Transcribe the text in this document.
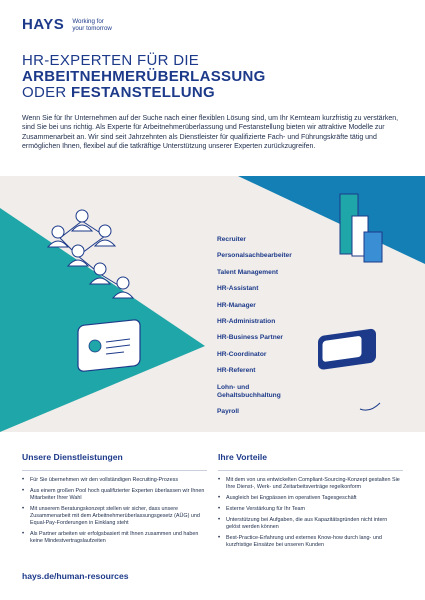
HAYS Working for
your tomorrow
HR-EXPERTEN FÜR DIE
ARBEITNEHMERÜBERLASSUNG
ODER FESTANSTELLUNG

Wenn Sie für Ihr Unternehmen auf der Suche nach einer flexiblen Lösung sind, um Ihr Kernteam kurzfristig zu verstärken, sind Sie bei uns richtig. Als Experte für Arbeitnehmerüberlassung und Festanstellung bieten wir attraktive Modelle zur Zusammenarbeit an. Wir sind seit Jahrzehnten als Dienstleister für qualifizierte Fach- und Führungskräfte tätig und ermöglichen Ihnen, flexibel auf die tatkräftige Unterstützung unserer Experten zurückzugreifen.

Recruiter
Personalsachbearbeiter
Talent Management
HR-Assistant
HR-Manager
HR-Administration
HR-Business Partner
HR-Coordinator
HR-Referent
Lohn- und Gehaltsbuchhaltung
Payroll
Unsere Dienstleistungen
• Für Sie übernehmen wir den vollständigen Recruiting-Prozess
• Aus einem großen Pool hoch qualifizierter Experten überlassen wir Ihnen Mitarbeiter Ihrer Wahl
• Mit unserem Beratungskonzept stellen wir sicher, dass unsere Zusammenarbeit mit dem Arbeitnehmerüberlassungsgesetz (AÜG) und Equal-Pay-Forderungen in Einklang steht
• Als Partner arbeiten wir erfolgsbasiert mit Ihnen zusammen und haben keine Mindestvertragslaufzeiten
Ihre Vorteile
• Mit dem von uns entwickelten Compliant-Sourcing-Konzept gestalten Sie Ihre Dienst-, Werk- und Zeitarbeitsverträge regelkonform
• Ausgleich bei Engpässen im operativen Tagesgeschäft
• Externe Verstärkung für Ihr Team
• Unterstützung bei Aufgaben, die aus Kapazitätsgründen nicht intern gelöst werden können
• Best-Practice-Erfahrung und externes Know-how durch lang- und kurzfristige Einsätze bei unseren Kunden
hays.de/human-resources
